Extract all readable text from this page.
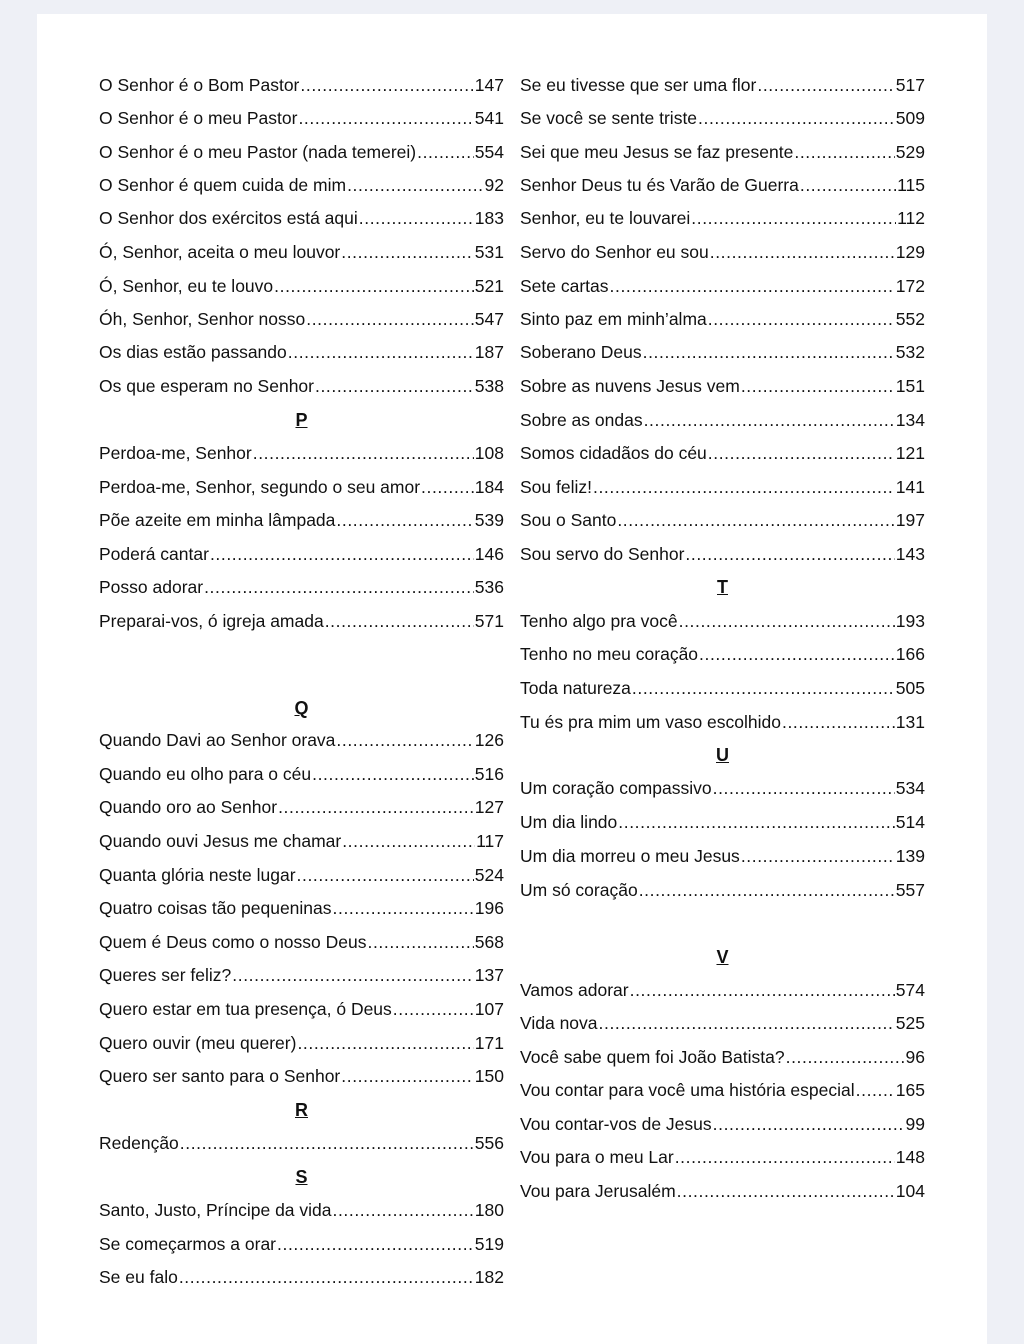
O Senhor é o Bom Pastor .....	147
O Senhor é o meu Pastor .....	541
O Senhor é o meu Pastor (nada temerei) .....	554
O Senhor é quem cuida de mim .....	92
O Senhor dos exércitos está aqui .....	183
Ó, Senhor, aceita o meu louvor .....	531
Ó, Senhor, eu te louvo .....	521
Óh, Senhor, Senhor nosso .....	547
Os dias estão passando .....	187
Os que esperam no Senhor .....	538
P
Perdoa-me, Senhor .....	108
Perdoa-me, Senhor, segundo o seu amor .....	184
Põe azeite em minha lâmpada .....	539
Poderá cantar .....	146
Posso adorar .....	536
Preparai-vos, ó igreja amada .....	571
Q
Quando Davi ao Senhor orava .....	126
Quando eu olho para o céu .....	516
Quando oro ao Senhor .....	127
Quando ouvi Jesus me chamar .....	117
Quanta glória neste lugar .....	524
Quatro coisas tão pequeninas .....	196
Quem é Deus como o nosso Deus .....	568
Queres ser feliz? .....	137
Quero estar em tua presença, ó Deus .....	107
Quero ouvir (meu querer) .....	171
Quero ser santo para o Senhor .....	150
R
Redenção .....	556
S
Santo, Justo, Príncipe da vida .....	180
Se começarmos a orar .....	519
Se eu falo .....	182
Se eu tivesse que ser uma flor .....	517
Se você se sente triste .....	509
Sei que meu Jesus se faz presente .....	529
Senhor Deus tu és Varão de Guerra .....	115
Senhor, eu te louvarei .....	112
Servo do Senhor eu sou .....	129
Sete cartas .....	172
Sinto paz em minh’alma .....	552
Soberano Deus .....	532
Sobre as nuvens Jesus vem .....	151
Sobre as ondas .....	134
Somos cidadãos do céu .....	121
Sou feliz! .....	141
Sou o Santo .....	197
Sou servo do Senhor .....	143
T
Tenho algo pra você .....	193
Tenho no meu coração .....	166
Toda natureza .....	505
Tu és pra mim um vaso escolhido .....	131
U
Um coração compassivo .....	534
Um dia lindo .....	514
Um dia morreu o meu Jesus .....	139
Um só coração .....	557
V
Vamos adorar .....	574
Vida nova .....	525
Você sabe quem foi João Batista? .....	96
Vou contar para você uma história especial ..... 165
Vou contar-vos de Jesus .....	99
Vou para o meu Lar .....	148
Vou para Jerusalém .....	104
